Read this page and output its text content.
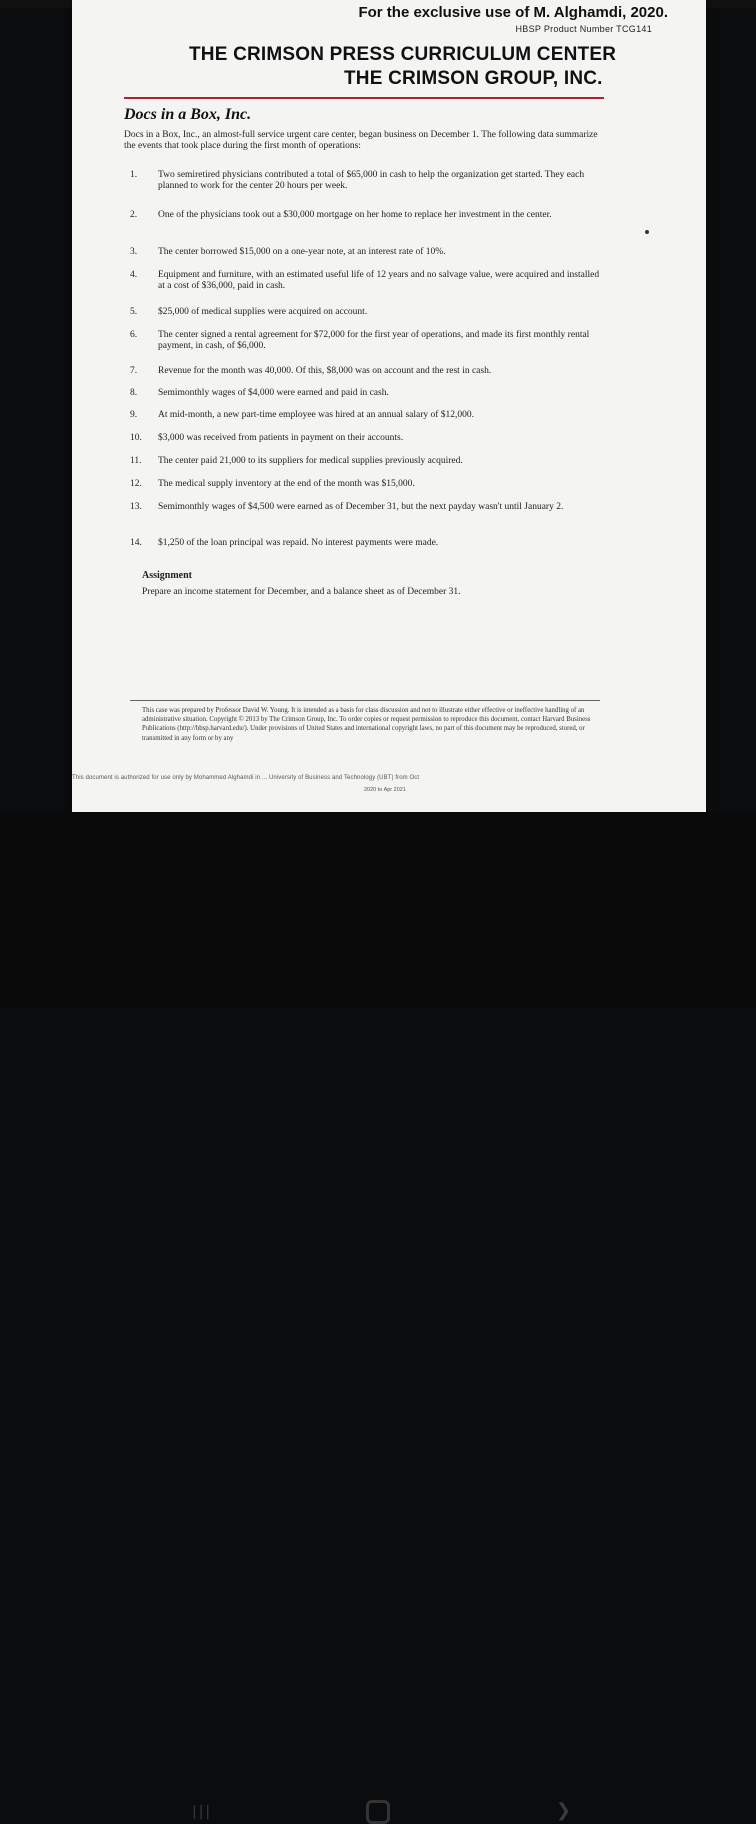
For the exclusive use of M. Alghamdi, 2020.
HBSP Product Number TCG141
THE CRIMSON PRESS CURRICULUM CENTER
THE CRIMSON GROUP, INC.
Docs in a Box, Inc.
Docs in a Box, Inc., an almost-full service urgent care center, began business on December 1. The following data summarize the events that took place during the first month of operations:
1.	Two semiretired physicians contributed a total of $65,000 in cash to help the organization get started. They each planned to work for the center 20 hours per week.
2.	One of the physicians took out a $30,000 mortgage on her home to replace her investment in the center.
3.	The center borrowed $15,000 on a one-year note, at an interest rate of 10%.
4.	Equipment and furniture, with an estimated useful life of 12 years and no salvage value, were acquired and installed at a cost of $36,000, paid in cash.
5.	$25,000 of medical supplies were acquired on account.
6.	The center signed a rental agreement for $72,000 for the first year of operations, and made its first monthly rental payment, in cash, of $6,000.
7.	Revenue for the month was 40,000. Of this, $8,000 was on account and the rest in cash.
8.	Semimonthly wages of $4,000 were earned and paid in cash.
9.	At mid-month, a new part-time employee was hired at an annual salary of $12,000.
10.	$3,000 was received from patients in payment on their accounts.
11.	The center paid 21,000 to its suppliers for medical supplies previously acquired.
12.	The medical supply inventory at the end of the month was $15,000.
13.	Semimonthly wages of $4,500 were earned as of December 31, but the next payday wasn't until January 2.
14.	$1,250 of the loan principal was repaid. No interest payments were made.
Assignment
Prepare an income statement for December, and a balance sheet as of December 31.
This case was prepared by Professor David W. Young. It is intended as a basis for class discussion and not to illustrate either effective or ineffective handling of an administrative situation. Copyright © 2013 by The Crimson Group, Inc. To order copies or request permission to reproduce this document, contact Harvard Business Publications (http://hbsp.harvard.edu/). Under provisions of United States and international copyright laws, no part of this document may be reproduced, stored, or transmitted in any form or by any
This document is authorized for use only by Mohammed Alghamdi in ... University of Business and Technology (UBT) from Oct
2020 to Apr 2021
|||	❯
